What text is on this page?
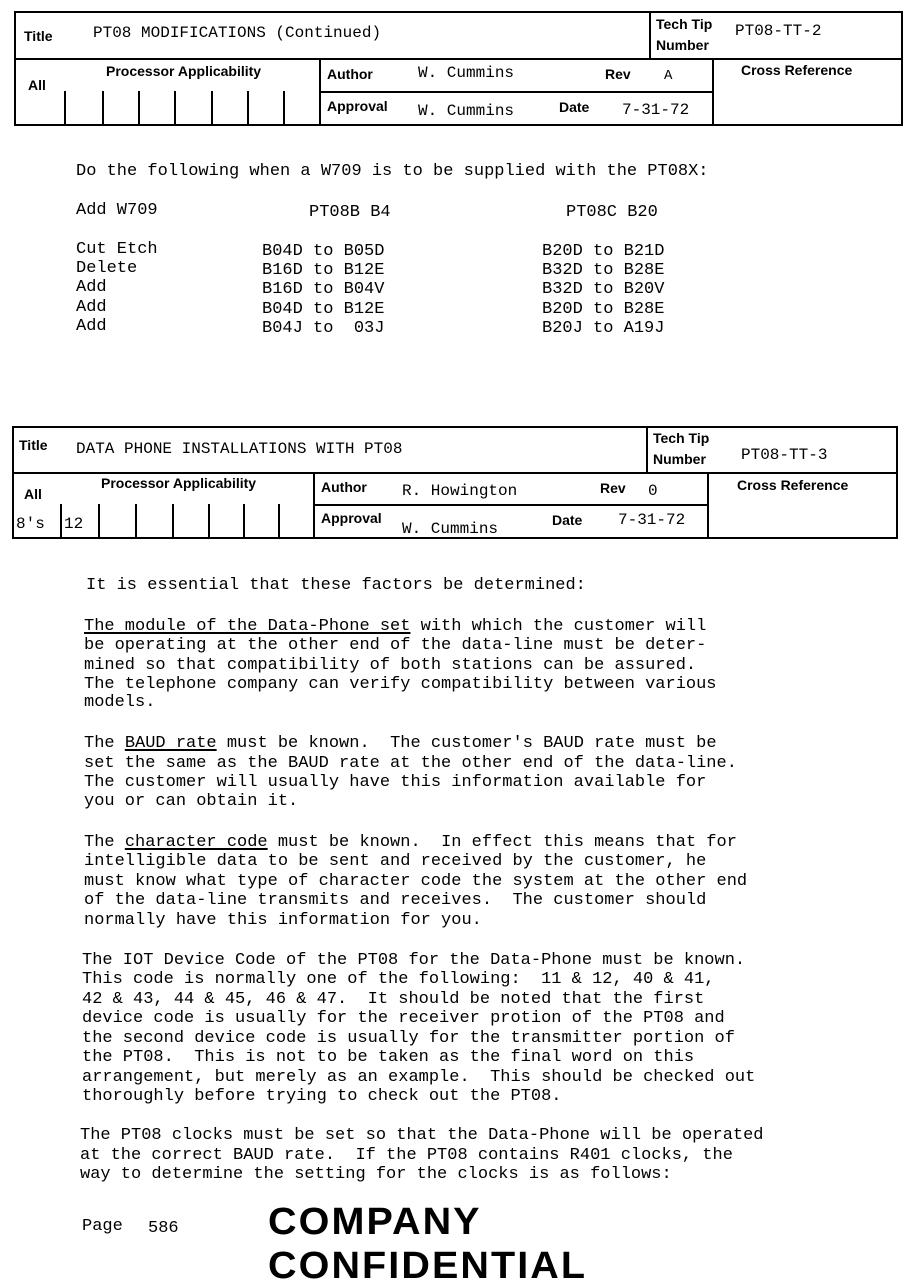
Title	PT08 MODIFICATIONS (Continued)	Tech Tip
Number
PT08-TT-2
All
Processor Applicability	Author	W. Cummins	Rev A	Cross Reference
Approval W. Cummins	Date 7-31-72
Do the following when a W709 is to be supplied with the PT08X:
Add W709	PT08B B4	PT08C B20
Cut Etch	B04D to B05D	B20D to B21D
Delete	B16D to B12E	B32D to B28E
Add	B16D to B04V	B32D to B20V
Add	B04D to B12E	B20D to B28E
Add	B04J to  03J	B20J to A19J
Title DATA PHONE INSTALLATIONS WITH PT08
Tech Tip
Number PT08-TT-3
All
8's 12
Processor Applicability	Author R. Howington	Rev 0	Cross Reference
Approval
W. Cummins	Date 7-31-72
It is essential that these factors be determined:
The module of the Data-Phone set with which the customer will
be operating at the other end of the data-line must be deter-
mined so that compatibility of both stations can be assured.
The telephone company can verify compatibility between various
models.
The BAUD rate must be known.  The customer's BAUD rate must be
set the same as the BAUD rate at the other end of the data-line.
The customer will usually have this information available for
you or can obtain it.
The character code must be known.  In effect this means that for
intelligible data to be sent and received by the customer, he
must know what type of character code the system at the other end
of the data-line transmits and receives.  The customer should
normally have this information for you.
The IOT Device Code of the PT08 for the Data-Phone must be known.
This code is normally one of the following:  11 & 12, 40 & 41,
42 & 43, 44 & 45, 46 & 47.  It should be noted that the first
device code is usually for the receiver protion of the PT08 and
the second device code is usually for the transmitter portion of
the PT08.  This is not to be taken as the final word on this
arrangement, but merely as an example.  This should be checked out
thoroughly before trying to check out the PT08.
The PT08 clocks must be set so that the Data-Phone will be operated
at the correct BAUD rate.  If the PT08 contains R401 clocks, the
way to determine the setting for the clocks is as follows:
Page 586 COMPANY CONFIDENTIAL
